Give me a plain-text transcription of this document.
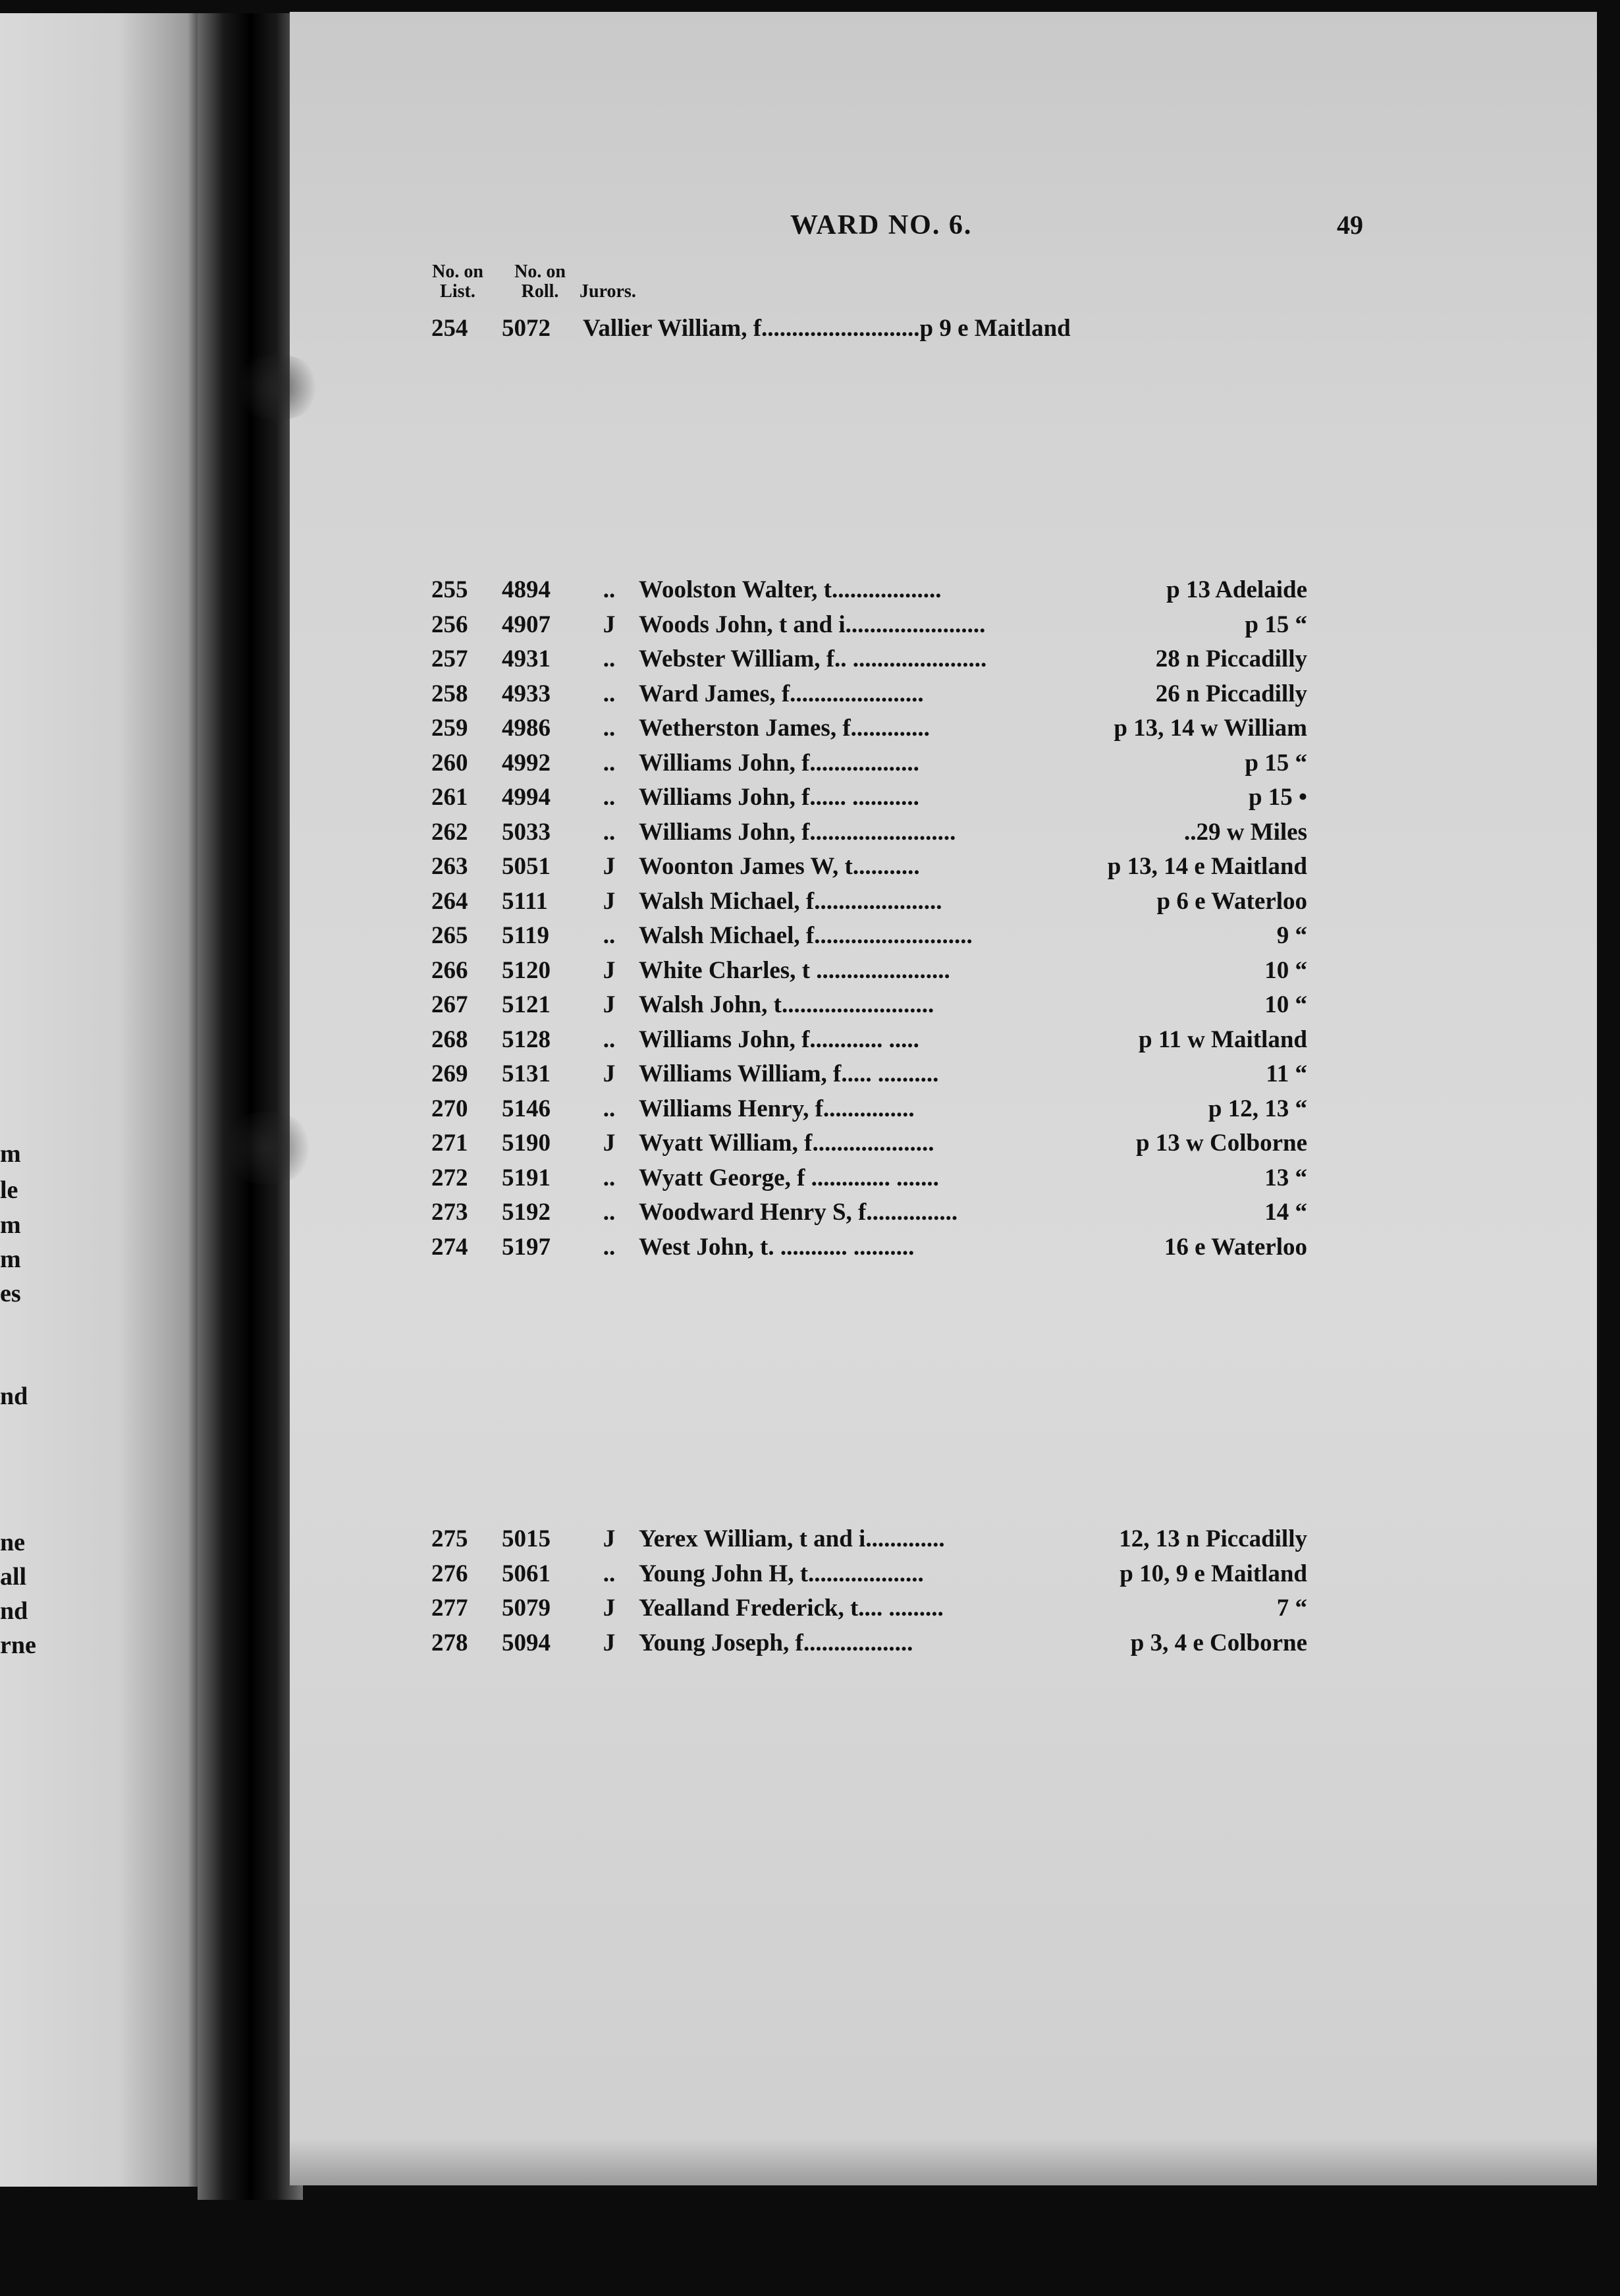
m
le
m
m
es
nd
ne
all
nd
rne
WARD NO. 6.	49
No. on List.
No. on Roll.	Jurors.
254	5072	Vallier William, f..........................p 9 e Maitland
255	4894	.. Woolston Walter, t..................	p 13 Adelaide
256	4907	J Woods John, t and i.......................	p 15 “
257	4931	.. Webster William, f.. ......................	28 n Piccadilly
258	4933	.. Ward James, f......................	26 n Piccadilly
259	4986	.. Wetherston James, f.............	p 13, 14 w William
260	4992	.. Williams John, f..................	p 15 “
261	4994	.. Williams John, f...... ...........	p 15 •
262	5033	.. Williams John, f........................	..29 w Miles
263	5051	J Woonton James W, t...........	p 13, 14 e Maitland
264	5111	J Walsh Michael, f.....................	p 6 e Waterloo
265	5119	.. Walsh Michael, f..........................	9 “
266	5120	J White Charles, t ......................	10 “
267	5121	J Walsh John, t.........................	10 “
268	5128	.. Williams John, f............ .....	p 11 w Maitland
269	5131	J Williams William, f..... ..........	11 “
270	5146	.. Williams Henry, f...............	p 12, 13 “
271	5190	J Wyatt William, f....................	p 13 w Colborne
272	5191	.. Wyatt George, f ............. .......	13 “
273	5192	.. Woodward Henry S, f...............	14 “
274	5197	.. West John, t. ........... ..........	16 e Waterloo
275	5015	J Yerex William, t and i.............	12, 13 n Piccadilly
276	5061	.. Young John H, t...................	p 10, 9 e Maitland
277	5079	J Yealland Frederick, t.... .........	7 “
278	5094	J Young Joseph, f..................	p 3, 4 e Colborne
